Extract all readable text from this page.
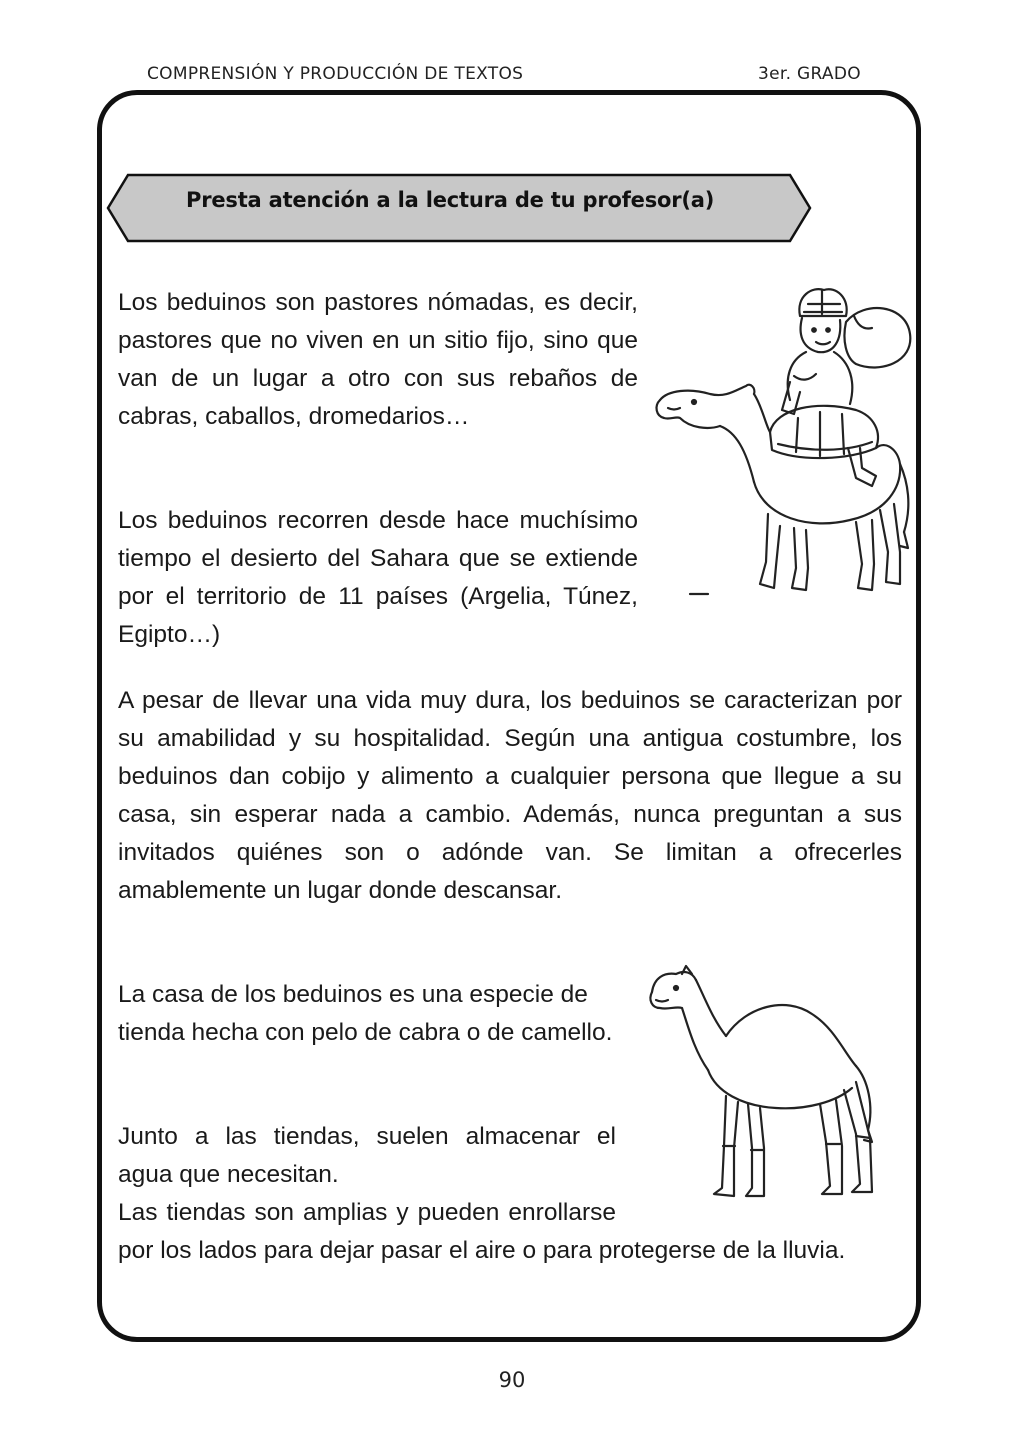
COMPRENSIÓN Y PRODUCCIÓN DE TEXTOS	3er. GRADO
Presta atención a la lectura de tu profesor(a)

Los beduinos son pastores nómadas, es decir, pastores que no viven en un sitio fijo, sino que van de un lugar a otro con sus rebaños de cabras, caballos, dromedarios…

Los beduinos recorren desde hace muchísimo tiempo el desierto del Sahara que se extiende por el territorio de 11 países (Argelia, Túnez, Egipto…)

A pesar de llevar una vida muy dura, los beduinos se caracterizan por su amabilidad y su hospitalidad. Según una antigua costumbre, los beduinos dan cobijo y alimento a cualquier persona que llegue a su casa, sin esperar nada a cambio. Además, nunca preguntan a sus invitados quiénes son o adónde van. Se limitan a ofrecerles amablemente un lugar donde descansar.

La casa de los beduinos es una especie de tienda hecha con pelo de cabra o de camello.

Junto a las tiendas, suelen almacenar el agua que necesitan.
Las tiendas son amplias y pueden enrollarse por los lados para dejar pasar el aire o para protegerse de la lluvia.

90
